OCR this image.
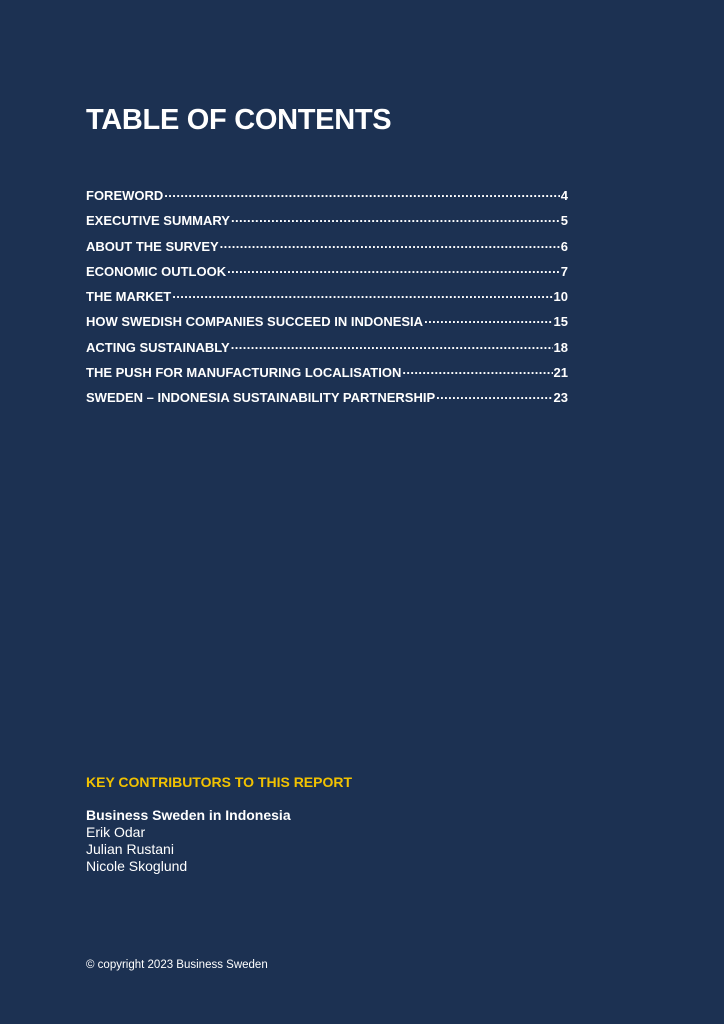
TABLE OF CONTENTS
FOREWORD .....	4
EXECUTIVE SUMMARY .....	5
ABOUT THE SURVEY .....	6
ECONOMIC OUTLOOK .....	7
THE MARKET .....	10
HOW SWEDISH COMPANIES SUCCEED IN INDONESIA .....	15
ACTING SUSTAINABLY .....	18
THE PUSH FOR MANUFACTURING LOCALISATION .....	21
SWEDEN – INDONESIA SUSTAINABILITY PARTNERSHIP .....	23
KEY CONTRIBUTORS TO THIS REPORT
Business Sweden in Indonesia
Erik Odar
Julian Rustani
Nicole Skoglund
© copyright 2023 Business Sweden
